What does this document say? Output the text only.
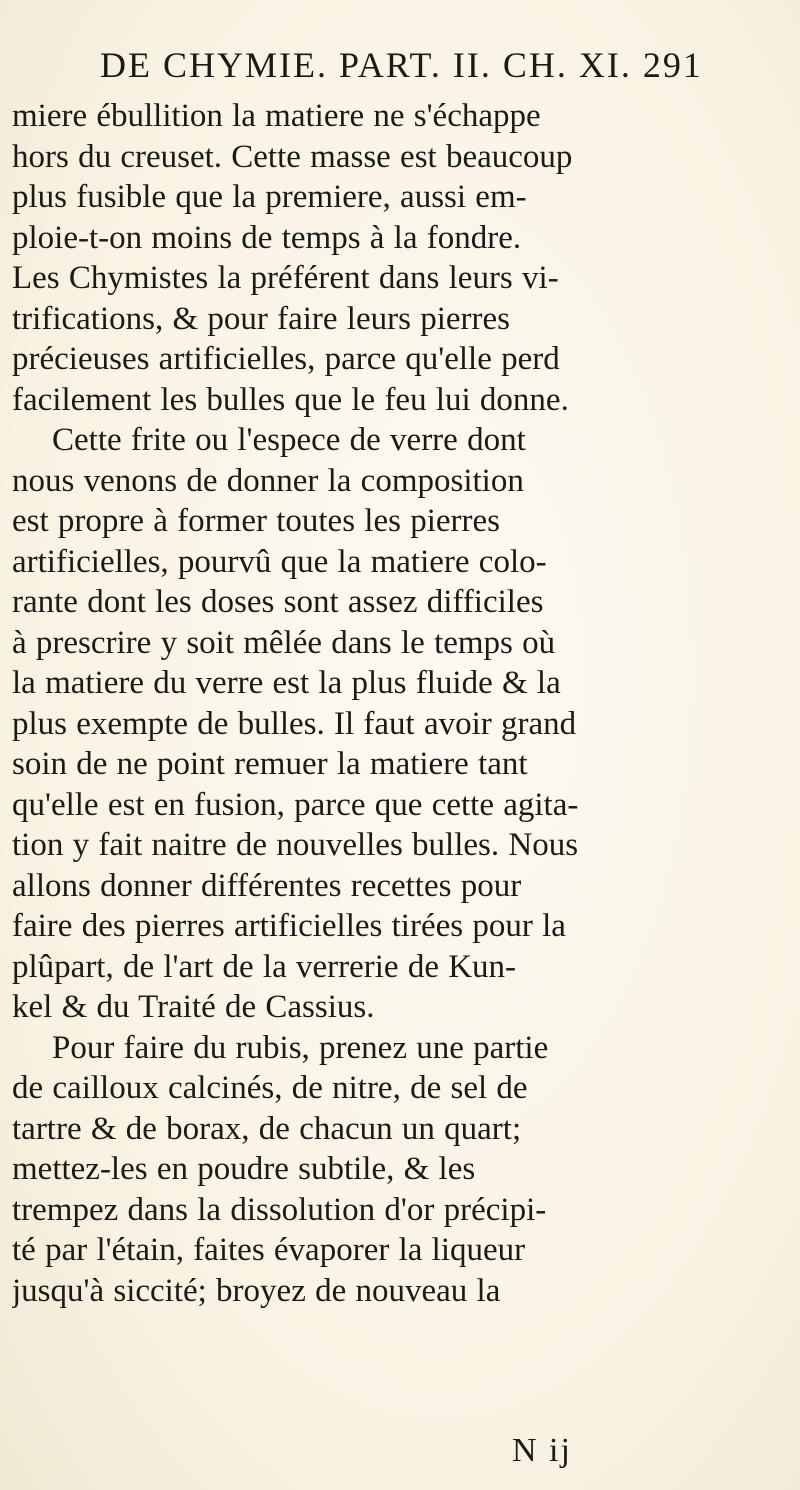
DE CHYMIE. PART. II. CH. XI. 291
miere ébullition la matiere ne s'échappe
hors du creuset. Cette masse est beaucoup
plus fusible que la premiere, aussi em-
ploie-t-on moins de temps à la fondre.
Les Chymistes la préférent dans leurs vi-
trifications, & pour faire leurs pierres
précieuses artificielles, parce qu'elle perd
facilement les bulles que le feu lui donne.
Cette frite ou l'espece de verre dont
nous venons de donner la composition
est propre à former toutes les pierres
artificielles, pourvû que la matiere colo-
rante dont les doses sont assez difficiles
à prescrire y soit mêlée dans le temps où
la matiere du verre est la plus fluide & la
plus exempte de bulles. Il faut avoir grand
soin de ne point remuer la matiere tant
qu'elle est en fusion, parce que cette agita-
tion y fait naitre de nouvelles bulles. Nous
allons donner différentes recettes pour
faire des pierres artificielles tirées pour la
plûpart, de l'art de la verrerie de Kun-
kel & du Traité de Cassius.
Pour faire du rubis, prenez une partie
de cailloux calcinés, de nitre, de sel de
tartre & de borax, de chacun un quart;
mettez-les en poudre subtile, & les
trempez dans la dissolution d'or précipi-
té par l'étain, faites évaporer la liqueur
jusqu'à siccité; broyez de nouveau la
N ij
